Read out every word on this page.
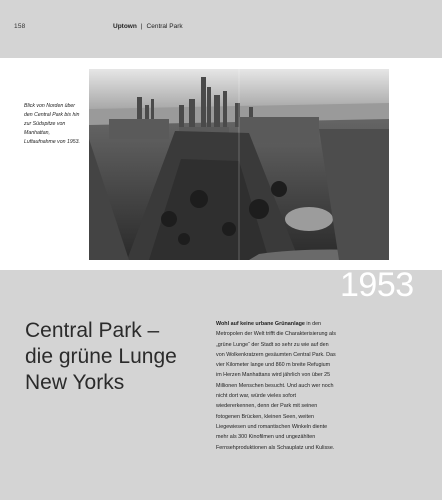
158	Uptown | Central Park

Blick von Norden über den Central Park bis hin zur Südspitze von Manhattan, Luftaufnahme von 1953.

1953
Central Park –
die grüne Lunge
New Yorks

Wohl auf keine urbane Grünanlage in den Metropolen der Welt trifft die Charakterisierung als „grüne Lunge“ der Stadt so sehr zu wie auf den von Wolkenkratzern gesäumten Central Park. Das vier Kilometer lange und 860 m breite Refugium im Herzen Manhattans wird jährlich von über 25 Millionen Menschen besucht. Und auch wer noch nicht dort war, würde vieles sofort wiedererkennen, denn der Park mit seinen fotogenen Brücken, kleinen Seen, weiten Liegewiesen und romantischen Winkeln diente mehr als 300 Kinofilmen und ungezählten Fernsehproduktionen als Schauplatz und Kulisse.
